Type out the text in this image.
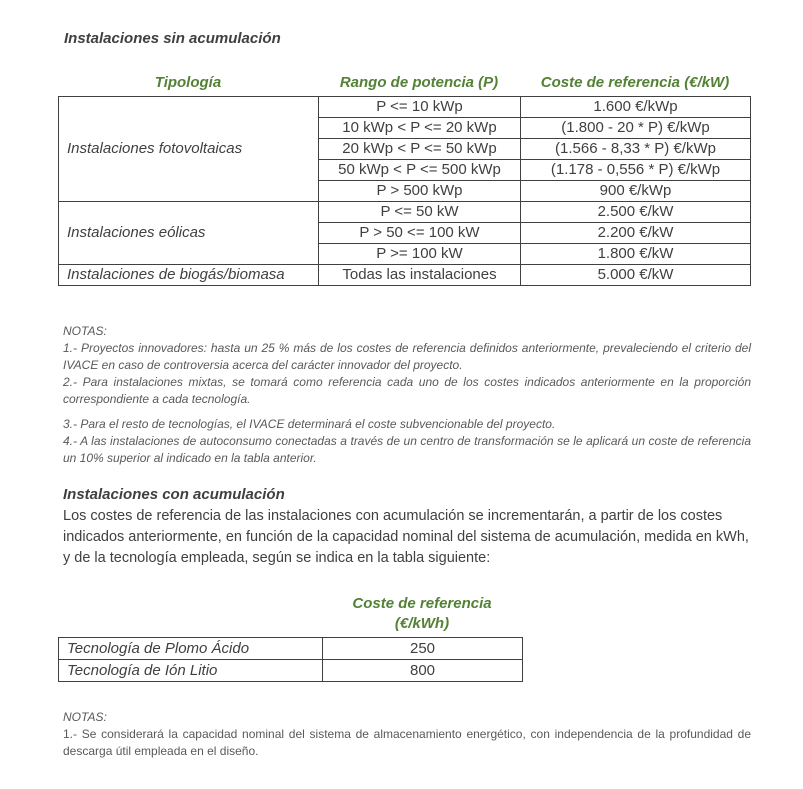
Instalaciones sin acumulación
Tipología	Rango de potencia (P)	Coste de referencia (€/kW)
Instalaciones fotovoltaicas	P <= 10 kWp	1.600 €/kWp
	10 kWp < P <= 20 kWp	(1.800 - 20 * P) €/kWp
	20 kWp < P <= 50 kWp	(1.566 - 8,33 * P) €/kWp
	50 kWp < P <= 500 kWp	(1.178 - 0,556 * P) €/kWp
	P > 500 kWp	900 €/kWp
Instalaciones eólicas	P <= 50 kW	2.500 €/kW
	P > 50 <= 100 kW	2.200 €/kW
	P >= 100 kW	1.800 €/kW
Instalaciones de biogás/biomasa	Todas las instalaciones	5.000 €/kW

NOTAS:

1.- Proyectos innovadores: hasta un 25 % más de los costes de referencia definidos anteriormente, prevaleciendo el criterio del IVACE en caso de controversia acerca del carácter innovador del proyecto.

2.- Para instalaciones mixtas, se tomará como referencia cada uno de los costes indicados anteriormente en la proporción correspondiente a cada tecnología.

3.- Para el resto de tecnologías, el IVACE determinará el coste subvencionable del proyecto.

4.- A las instalaciones de autoconsumo conectadas a través de un centro de transformación se le aplicará un coste de referencia un 10% superior al indicado en la tabla anterior.

Instalaciones con acumulación
Los costes de referencia de las instalaciones con acumulación se incrementarán, a partir de los costes indicados anteriormente, en función de la capacidad nominal del sistema de acumulación, medida en kWh, y de la tecnología empleada, según se indica en la tabla siguiente:
Coste de referencia
(€/kWh)
Tecnología de Plomo Ácido	250
Tecnología de Ión Litio	800

NOTAS:

1.- Se considerará la capacidad nominal del sistema de almacenamiento energético, con independencia de la profundidad de descarga útil empleada en el diseño.
